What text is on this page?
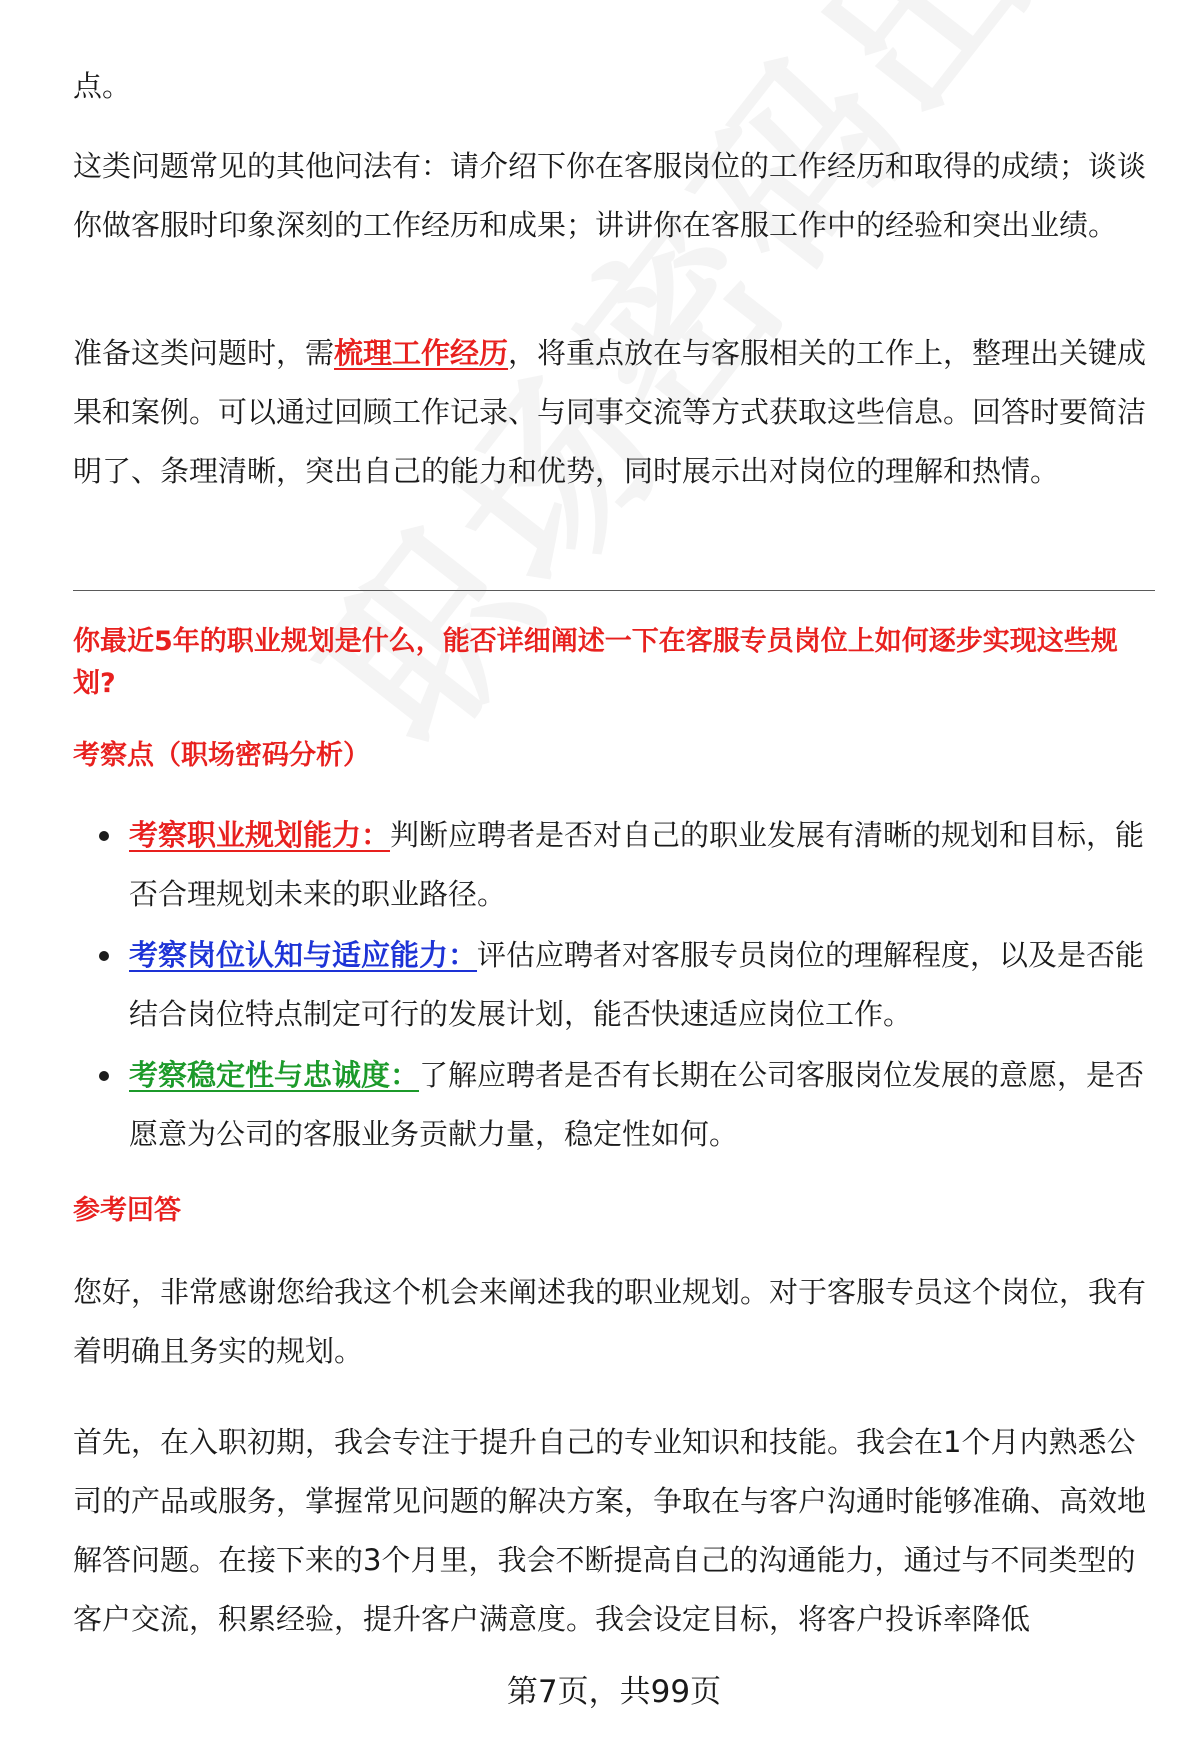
点。

这类问题常见的其他问法有：请介绍下你在客服岗位的工作经历和取得的成绩；谈谈你做客服时印象深刻的工作经历和成果；讲讲你在客服工作中的经验和突出业绩。

准备这类问题时，需梳理工作经历，将重点放在与客服相关的工作上，整理出关键成果和案例。可以通过回顾工作记录、与同事交流等方式获取这些信息。回答时要简洁明了、条理清晰，突出自己的能力和优势，同时展示出对岗位的理解和热情。

你最近5年的职业规划是什么，能否详细阐述一下在客服专员岗位上如何逐步实现这些规划?

考察点（职场密码分析）

考察职业规划能力：判断应聘者是否对自己的职业发展有清晰的规划和目标，能否合理规划未来的职业路径。
考察岗位认知与适应能力：评估应聘者对客服专员岗位的理解程度，以及是否能结合岗位特点制定可行的发展计划，能否快速适应岗位工作。
考察稳定性与忠诚度：了解应聘者是否有长期在公司客服岗位发展的意愿，是否愿意为公司的客服业务贡献力量，稳定性如何。

参考回答

您好，非常感谢您给我这个机会来阐述我的职业规划。对于客服专员这个岗位，我有着明确且务实的规划。

首先，在入职初期，我会专注于提升自己的专业知识和技能。我会在1个月内熟悉公司的产品或服务，掌握常见问题的解决方案，争取在与客户沟通时能够准确、高效地解答问题。在接下来的3个月里，我会不断提高自己的沟通能力，通过与不同类型的客户交流，积累经验，提升客户满意度。我会设定目标，将客户投诉率降低

第7页，共99页
